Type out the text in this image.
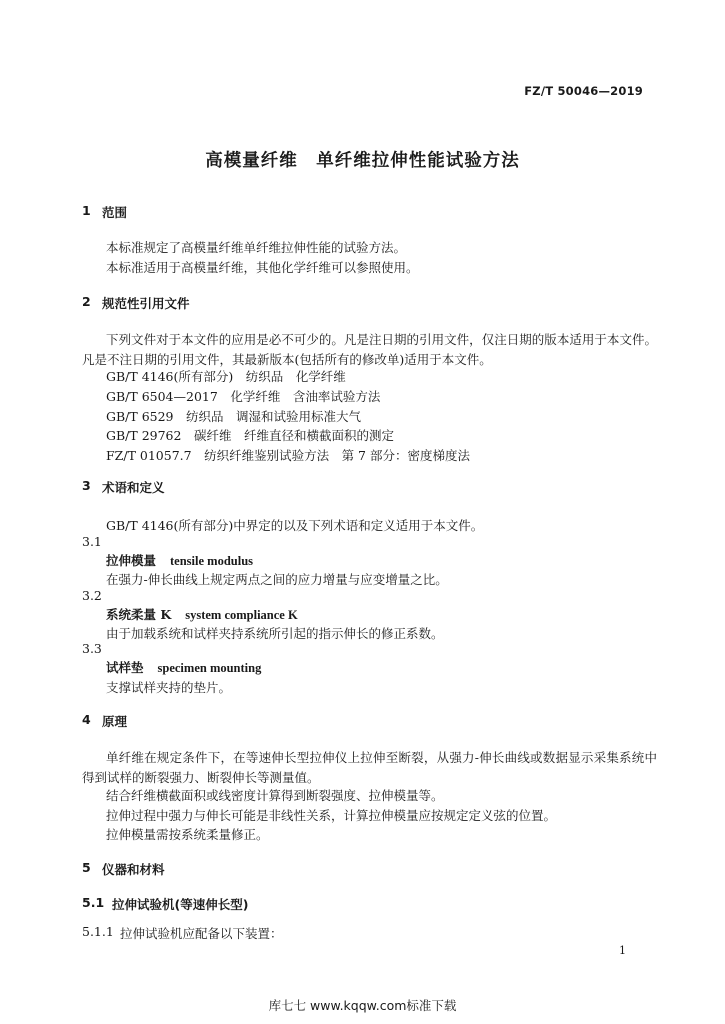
FZ/T 50046—2019
高模量纤维　单纤维拉伸性能试验方法
1 范围
本标准规定了高模量纤维单纤维拉伸性能的试验方法。
本标准适用于高模量纤维，其他化学纤维可以参照使用。
2 规范性引用文件
下列文件对于本文件的应用是必不可少的。凡是注日期的引用文件，仅注日期的版本适用于本文件。凡是不注日期的引用文件，其最新版本(包括所有的修改单)适用于本文件。
GB/T 4146(所有部分)　纺织品　化学纤维
GB/T 6504—2017　化学纤维　含油率试验方法
GB/T 6529　纺织品　调湿和试验用标准大气
GB/T 29762　碳纤维　纤维直径和横截面积的测定
FZ/T 01057.7　纺织纤维鉴别试验方法　第 7 部分：密度梯度法
3 术语和定义
GB/T 4146(所有部分)中界定的以及下列术语和定义适用于本文件。
3.1
拉伸模量 tensile modulus
在强力-伸长曲线上规定两点之间的应力增量与应变增量之比。
3.2
系统柔量 K system compliance K
由于加载系统和试样夹持系统所引起的指示伸长的修正系数。
3.3
试样垫 specimen mounting
支撑试样夹持的垫片。
4 原理
单纤维在规定条件下，在等速伸长型拉伸仪上拉伸至断裂，从强力-伸长曲线或数据显示采集系统中得到试样的断裂强力、断裂伸长等测量值。
结合纤维横截面积或线密度计算得到断裂强度、拉伸模量等。
拉伸过程中强力与伸长可能是非线性关系，计算拉伸模量应按规定定义弦的位置。
拉伸模量需按系统柔量修正。
5 仪器和材料
5.1 拉伸试验机(等速伸长型)
5.1.1 拉伸试验机应配备以下装置：
1
库七七 www.kqqw.com标准下载
